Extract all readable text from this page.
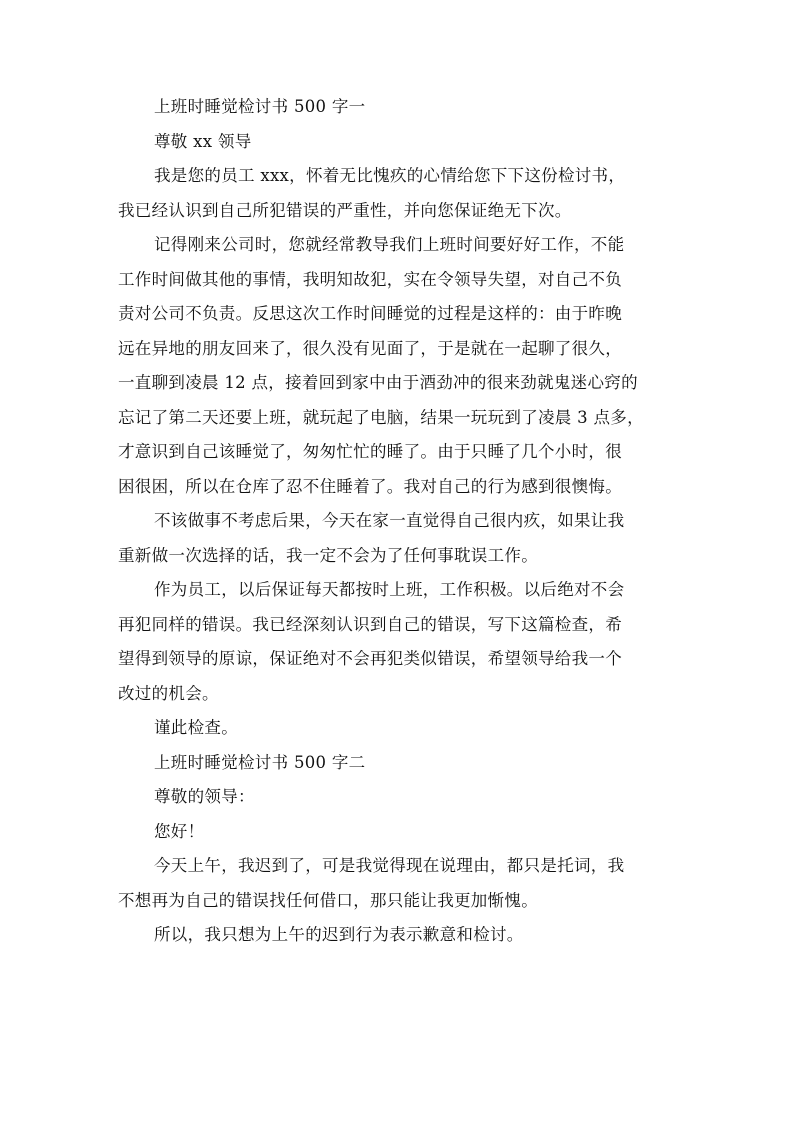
上班时睡觉检讨书 500 字一
尊敬 xx 领导
我是您的员工 xxx，怀着无比愧疚的心情给您下下这份检讨书，
我已经认识到自己所犯错误的严重性，并向您保证绝无下次。
记得刚来公司时，您就经常教导我们上班时间要好好工作，不能
工作时间做其他的事情，我明知故犯，实在令领导失望，对自己不负
责对公司不负责。反思这次工作时间睡觉的过程是这样的：由于昨晚
远在异地的朋友回来了，很久没有见面了，于是就在一起聊了很久，
一直聊到凌晨 12 点，接着回到家中由于酒劲冲的很来劲就鬼迷心窍的
忘记了第二天还要上班，就玩起了电脑，结果一玩玩到了凌晨 3 点多，
才意识到自己该睡觉了，匆匆忙忙的睡了。由于只睡了几个小时，很
困很困，所以在仓库了忍不住睡着了。我对自己的行为感到很懊悔。
不该做事不考虑后果，今天在家一直觉得自己很内疚，如果让我
重新做一次选择的话，我一定不会为了任何事耽误工作。
作为员工，以后保证每天都按时上班，工作积极。以后绝对不会
再犯同样的错误。我已经深刻认识到自己的错误，写下这篇检查，希
望得到领导的原谅，保证绝对不会再犯类似错误，希望领导给我一个
改过的机会。
谨此检查。
上班时睡觉检讨书 500 字二
尊敬的领导：
您好！
今天上午，我迟到了，可是我觉得现在说理由，都只是托词，我
不想再为自己的错误找任何借口，那只能让我更加惭愧。
所以，我只想为上午的迟到行为表示歉意和检讨。
